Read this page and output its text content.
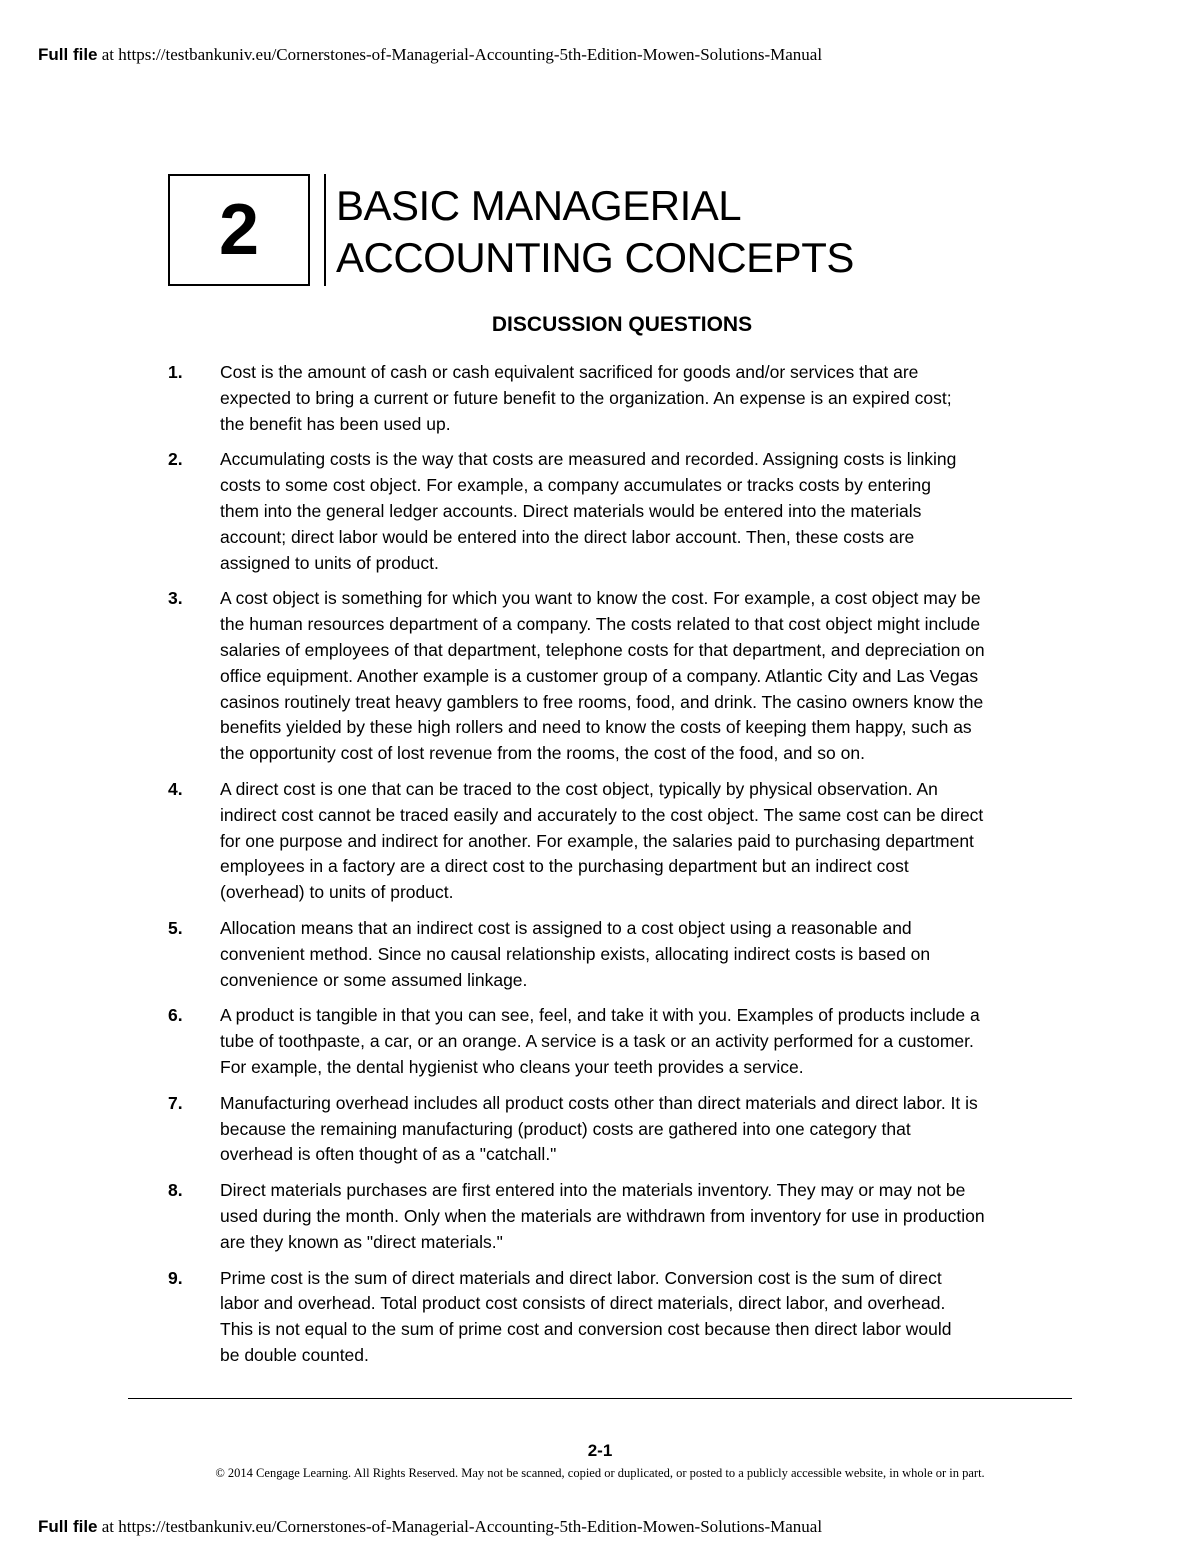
Full file at https://testbankuniv.eu/Cornerstones-of-Managerial-Accounting-5th-Edition-Mowen-Solutions-Manual
2 BASIC MANAGERIAL
ACCOUNTING CONCEPTS
DISCUSSION QUESTIONS
1.	Cost is the amount of cash or cash equivalent sacrificed for goods and/or services that are
expected to bring a current or future benefit to the organization. An expense is an expired cost;
the benefit has been used up.
2.	Accumulating costs is the way that costs are measured and recorded. Assigning costs is linking
costs to some cost object. For example, a company accumulates or tracks costs by entering
them into the general ledger accounts. Direct materials would be entered into the materials
account; direct labor would be entered into the direct labor account. Then, these costs are
assigned to units of product.
3.	A cost object is something for which you want to know the cost. For example, a cost object may be
the human resources department of a company. The costs related to that cost object might include
salaries of employees of that department, telephone costs for that department, and depreciation on
office equipment. Another example is a customer group of a company. Atlantic City and Las Vegas
casinos routinely treat heavy gamblers to free rooms, food, and drink. The casino owners know the
benefits yielded by these high rollers and need to know the costs of keeping them happy, such as
the opportunity cost of lost revenue from the rooms, the cost of the food, and so on.
4.	A direct cost is one that can be traced to the cost object, typically by physical observation. An
indirect cost cannot be traced easily and accurately to the cost object. The same cost can be direct
for one purpose and indirect for another. For example, the salaries paid to purchasing department
employees in a factory are a direct cost to the purchasing department but an indirect cost
(overhead) to units of product.
5.	Allocation means that an indirect cost is assigned to a cost object using a reasonable and
convenient method. Since no causal relationship exists, allocating indirect costs is based on
convenience or some assumed linkage.
6.	A product is tangible in that you can see, feel, and take it with you. Examples of products include a
tube of toothpaste, a car, or an orange. A service is a task or an activity performed for a customer.
For example, the dental hygienist who cleans your teeth provides a service.
7.	Manufacturing overhead includes all product costs other than direct materials and direct labor. It is
because the remaining manufacturing (product) costs are gathered into one category that
overhead is often thought of as a "catchall."
8.	Direct materials purchases are first entered into the materials inventory. They may or may not be
used during the month. Only when the materials are withdrawn from inventory for use in production
are they known as "direct materials."
9.	Prime cost is the sum of direct materials and direct labor. Conversion cost is the sum of direct
labor and overhead. Total product cost consists of direct materials, direct labor, and overhead.
This is not equal to the sum of prime cost and conversion cost because then direct labor would
be double counted.
2-1
© 2014 Cengage Learning. All Rights Reserved. May not be scanned, copied or duplicated, or posted to a publicly accessible website, in whole or in part.
Full file at https://testbankuniv.eu/Cornerstones-of-Managerial-Accounting-5th-Edition-Mowen-Solutions-Manual
